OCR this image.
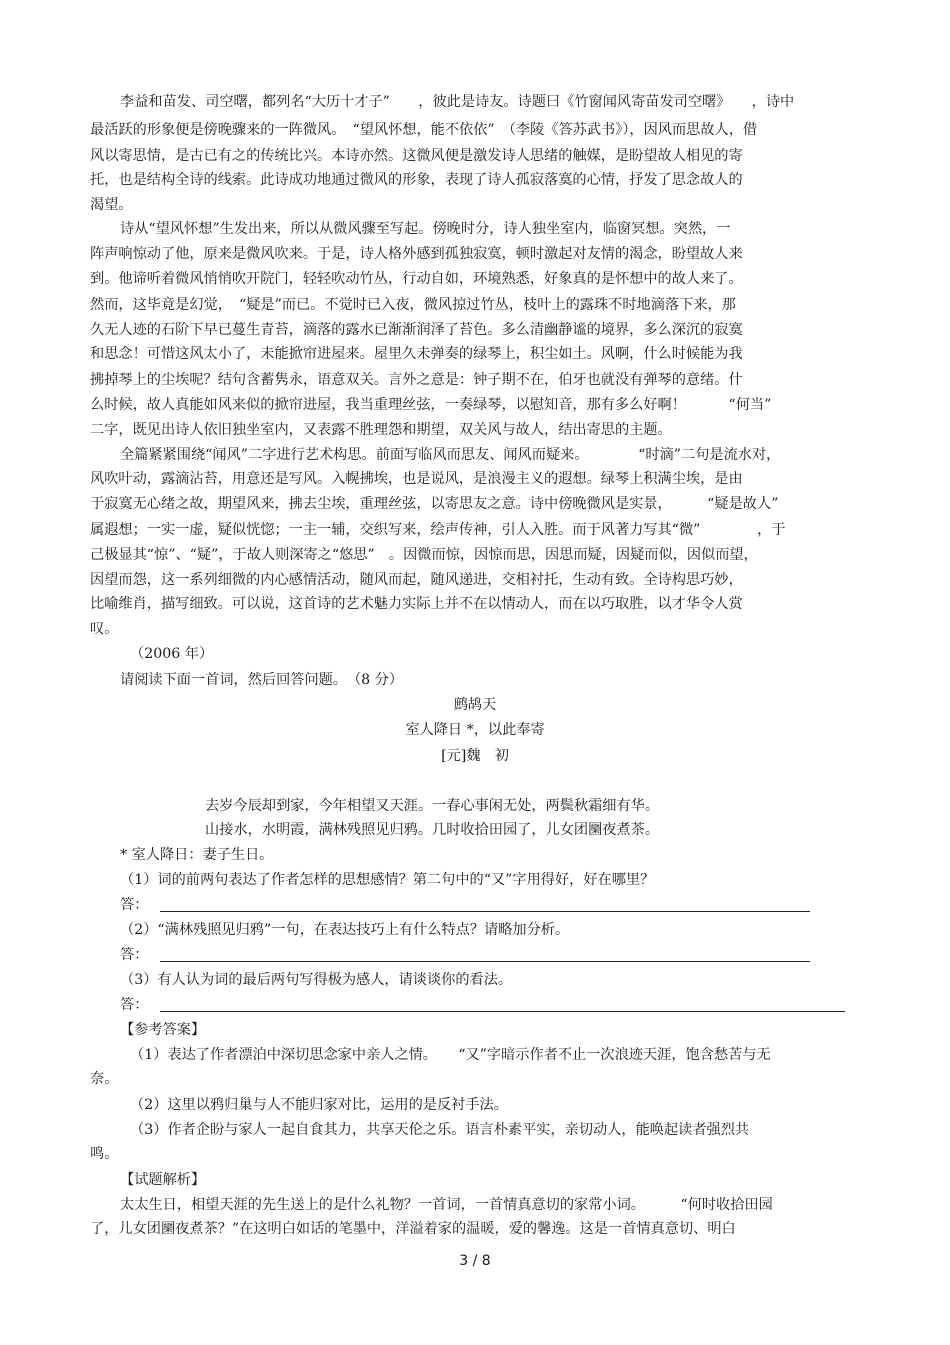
李益和苗发、司空曙，都列名“大历十才子”　　，彼此是诗友。诗题曰《竹窗闻风寄苗发司空曙》　　，诗中
最活跃的形象便是傍晚骤来的一阵微风。　“望风怀想，能不依依”　（李陵《答苏武书》），因风而思故人，借
风以寄思情，是古已有之的传统比兴。本诗亦然。这微风便是激发诗人思绪的触媒，是盼望故人相见的寄
托，也是结构全诗的线索。此诗成功地通过微风的形象，表现了诗人孤寂落寞的心情，抒发了思念故人的
渴望。
诗从“望风怀想”生发出来，所以从微风骤至写起。傍晚时分，诗人独坐室内，临窗冥想。突然，一
阵声响惊动了他，原来是微风吹来。于是，诗人格外感到孤独寂寞，顿时激起对友情的渴念，盼望故人来
到。他谛听着微风悄悄吹开院门，轻轻吹动竹丛，行动自如，环境熟悉，好象真的是怀想中的故人来了。
然而，这毕竟是幻觉，　“疑是”而已。不觉时已入夜，微风掠过竹丛，枝叶上的露珠不时地滴落下来，那
久无人迹的石阶下早已蔓生青苔，滴落的露水已渐渐润泽了苔色。多么清幽静谧的境界，多么深沉的寂寞
和思念！可惜这风太小了，未能掀帘进屋来。屋里久未弹奏的绿琴上，积尘如土。风啊，什么时候能为我
拂掉琴上的尘埃呢？结句含蓄隽永，语意双关。言外之意是：钟子期不在，伯牙也就没有弹琴的意绪。什
么时候，故人真能如风来似的掀帘进屋，我当重理丝弦，一奏绿琴，以慰知音，那有多么好啊！　　　“何当”
二字，既见出诗人依旧独坐室内，又表露不胜理怨和期望，双关风与故人，结出寄思的主题。
全篇紧紧围绕“闻风”二字进行艺术构思。前面写临风而思友、闻风而疑来。　　　　“时滴”二句是流水对，
风吹叶动，露滴沾苔，用意还是写风。入幌拂埃，也是说风，是浪漫主义的遐想。绿琴上积满尘埃，是由
于寂寞无心绪之故，期望风来，拂去尘埃，重理丝弦，以寄思友之意。诗中傍晚微风是实景，　　　“疑是故人”
属遐想；一实一虚，疑似恍惚；一主一辅，交织写来，绘声传神，引人入胜。而于风著力写其“微”　　　　，于
己极显其“惊”、“疑”，于故人则深寄之“悠思”　。因微而惊，因惊而思，因思而疑，因疑而似，因似而望，
因望而怨，这一系列细微的内心感情活动，随风而起，随风递进，交相衬托，生动有致。全诗构思巧妙，
比喻维肖，描写细致。可以说，这首诗的艺术魅力实际上并不在以情动人，而在以巧取胜，以才华令人赏
叹。
（2006 年）
请阅读下面一首词，然后回答问题。　（8 分）
鹧鸪天
室人降日 *，以此奉寄
[元]魏　初
去岁今辰却到家，今年相望又天涯。一春心事闲无处，两鬓秋霜细有华。
山接水，水明霞，满林残照见归鸦。几时收拾田园了，儿女团圞夜煮茶。
* 室人降日：妻子生日。
（1）词的前两句表达了作者怎样的思想感情？第二句中的“又”字用得好，好在哪里？
答：
（2）“满林残照见归鸦”一句，在表达技巧上有什么特点？请略加分析。
答：
（3）有人认为词的最后两句写得极为感人，请谈谈你的看法。
答：
【参考答案】
（1）表达了作者漂泊中深切思念家中亲人之情。　　“又”字暗示作者不止一次浪迹天涯，饱含愁苦与无
奈。
（2）这里以鸦归巢与人不能归家对比，运用的是反衬手法。
（3）作者企盼与家人一起自食其力，共享天伦之乐。语言朴素平实，亲切动人，能唤起读者强烈共
鸣。
【试题解析】
太太生日，相望天涯的先生送上的是什么礼物？一首词，一首情真意切的家常小词。　　　“何时收拾田园
了，儿女团圞夜煮茶？”在这明白如话的笔墨中，洋溢着家的温暖，爱的馨逸。这是一首情真意切、明白
3 / 8
